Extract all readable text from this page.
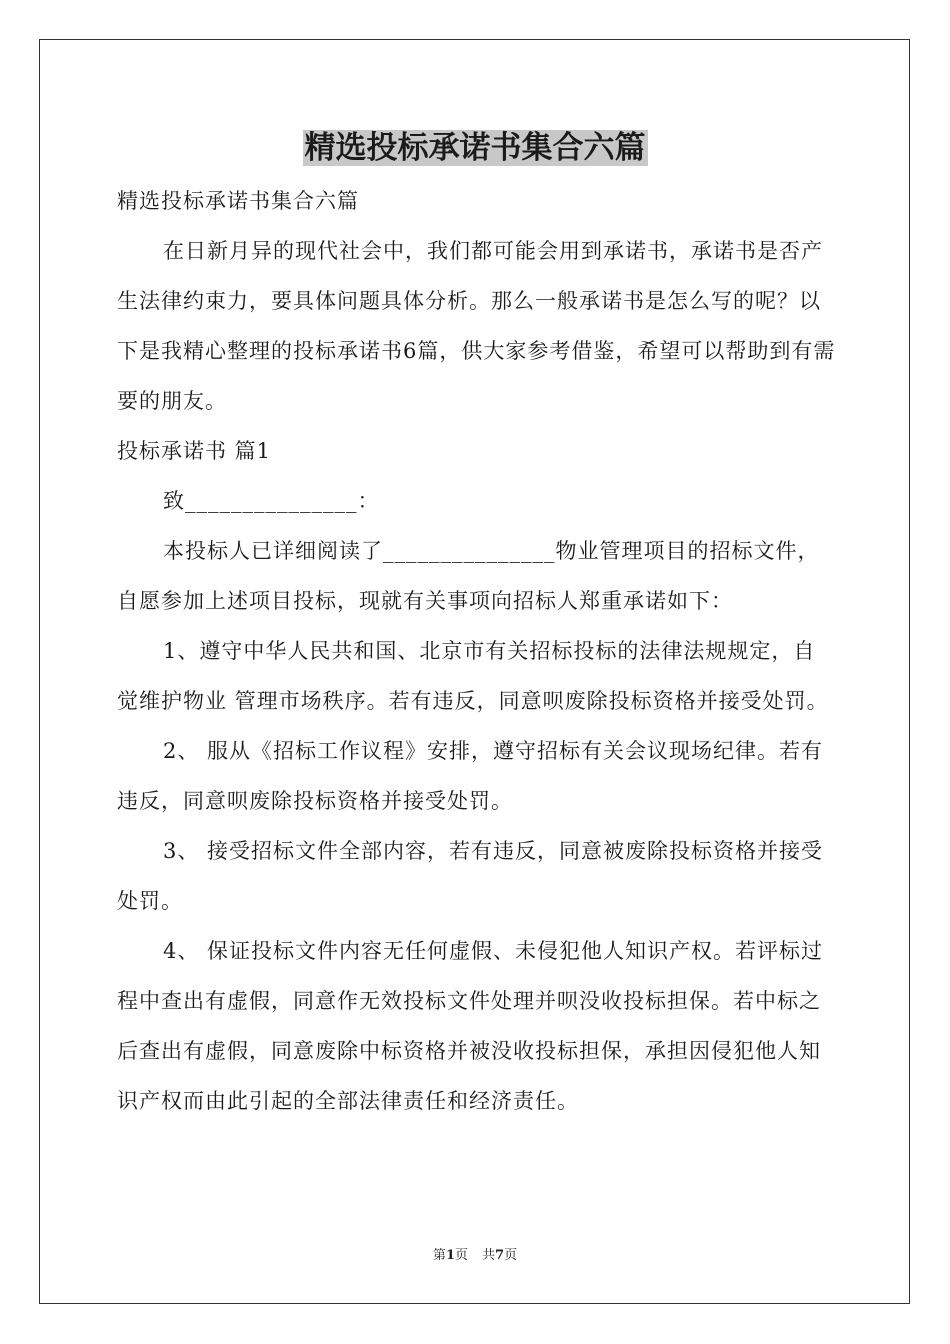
精选投标承诺书集合六篇

精选投标承诺书集合六篇

在日新月异的现代社会中，我们都可能会用到承诺书，承诺书是否产生法律约束力，要具体问题具体分析。那么一般承诺书是怎么写的呢？以下是我精心整理的投标承诺书6篇，供大家参考借鉴，希望可以帮助到有需要的朋友。

投标承诺书 篇1

致_______________：

本投标人已详细阅读了_______________物业管理项目的招标文件，自愿参加上述项目投标，现就有关事项向招标人郑重承诺如下：

1、遵守中华人民共和国、北京市有关招标投标的法律法规规定，自觉维护物业 管理市场秩序。若有违反，同意呗废除投标资格并接受处罚。

2、 服从《招标工作议程》安排，遵守招标有关会议现场纪律。若有违反，同意呗废除投标资格并接受处罚。

3、 接受招标文件全部内容，若有违反，同意被废除投标资格并接受处罚。

4、 保证投标文件内容无任何虚假、未侵犯他人知识产权。若评标过程中查出有虚假，同意作无效投标文件处理并呗没收投标担保。若中标之后查出有虚假，同意废除中标资格并被没收投标担保，承担因侵犯他人知识产权而由此引起的全部法律责任和经济责任。

第1页 共7页
